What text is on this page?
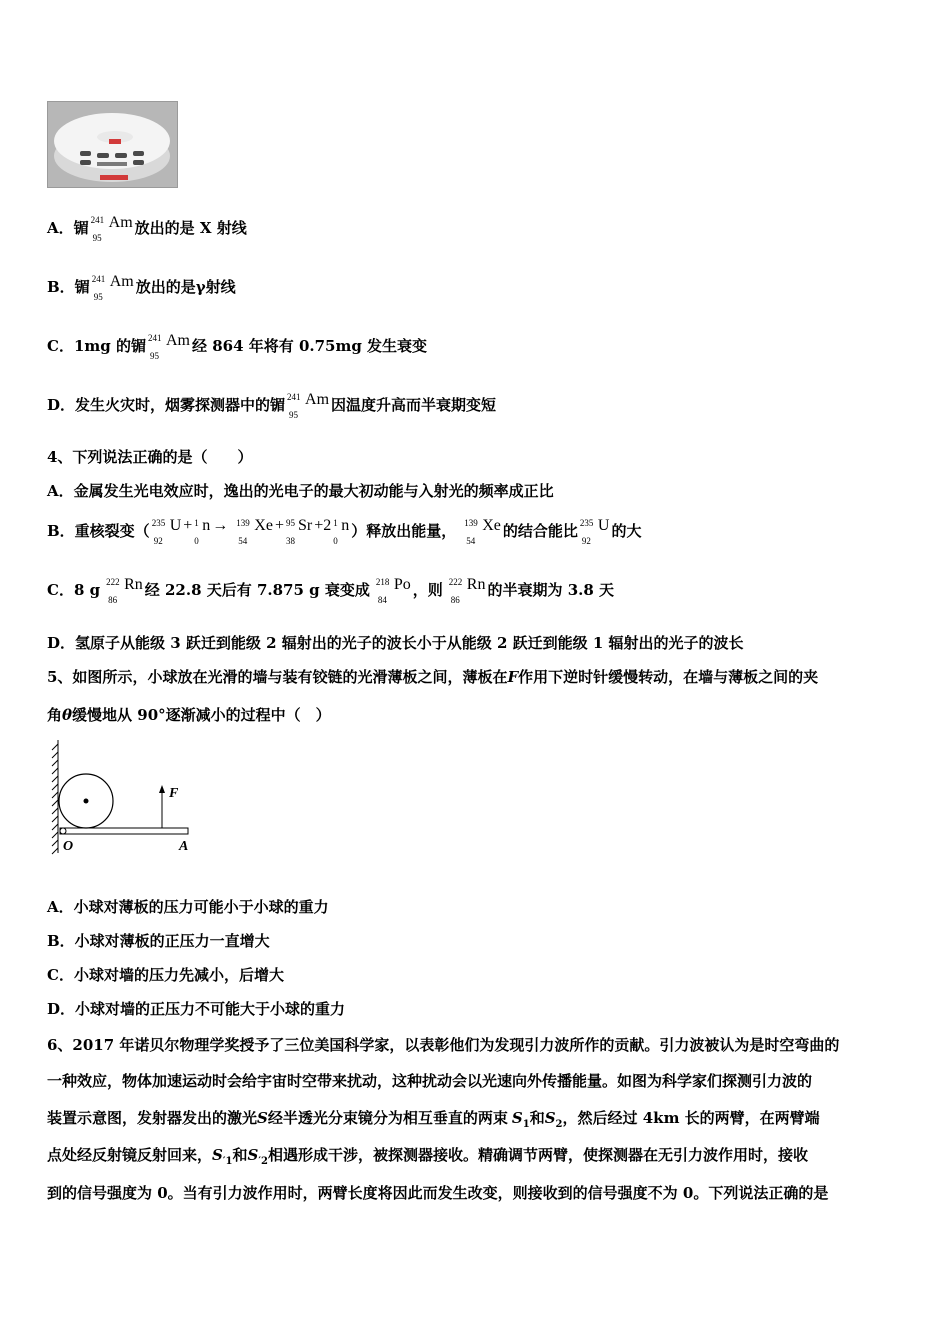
A．镅 241
95
Am 放出的是 X 射线
B．镅 241
95
Am 放出的是γ射线
C．1mg 的镅 241
95
Am 经 864 年将有 0.75mg 发生衰变
D．发生火灾时，烟雾探测器中的镅 241
95
Am 因温度升高而半衰期变短
4、下列说法正确的是（　　）
A．金属发生光电效应时，逸出的光电子的最大初动能与入射光的频率成正比
B．重核裂变（ 235
92
U + 1
0
n → 139
54
Xe + 95
38
Sr +2 1
0
n ）释放出能量， 139
54
Xe 的结合能比 235
92
U 的大
C．8 g 222
86
Rn 经 22.8 天后有 7.875 g 衰变成 218
84
Po ，则 222
86
Rn 的半衰期为 3.8 天
D．氢原子从能级 3 跃迁到能级 2 辐射出的光子的波长小于从能级 2 跃迁到能级 1 辐射出的光子的波长
5、如图所示，小球放在光滑的墙与装有铰链的光滑薄板之间，薄板在F作用下逆时针缓慢转动，在墙与薄板之间的夹
角θ缓慢地从 90°逐渐减小的过程中（　）
F
O	A
A．小球对薄板的压力可能小于小球的重力
B．小球对薄板的正压力一直增大
C．小球对墙的压力先减小，后增大
D．小球对墙的正压力不可能大于小球的重力
6、2017 年诺贝尔物理学奖授予了三位美国科学家，以表彰他们为发现引力波所作的贡献。引力波被认为是时空弯曲的
一种效应，物体加速运动时会给宇宙时空带来扰动，这种扰动会以光速向外传播能量。如图为科学家们探测引力波的
装置示意图，发射器发出的激光S经半透光分束镜分为相互垂直的两束 $S_1$和$S_2$，然后经过 4km 长的两臂，在两臂端
点处经反射镜反射回来，$S_{'1}$和$S_{'2}$相遇形成干涉，被探测器接收。精确调节两臂，使探测器在无引力波作用时，接收
到的信号强度为 0。当有引力波作用时，两臂长度将因此而发生改变，则接收到的信号强度不为 0。下列说法正确的是
